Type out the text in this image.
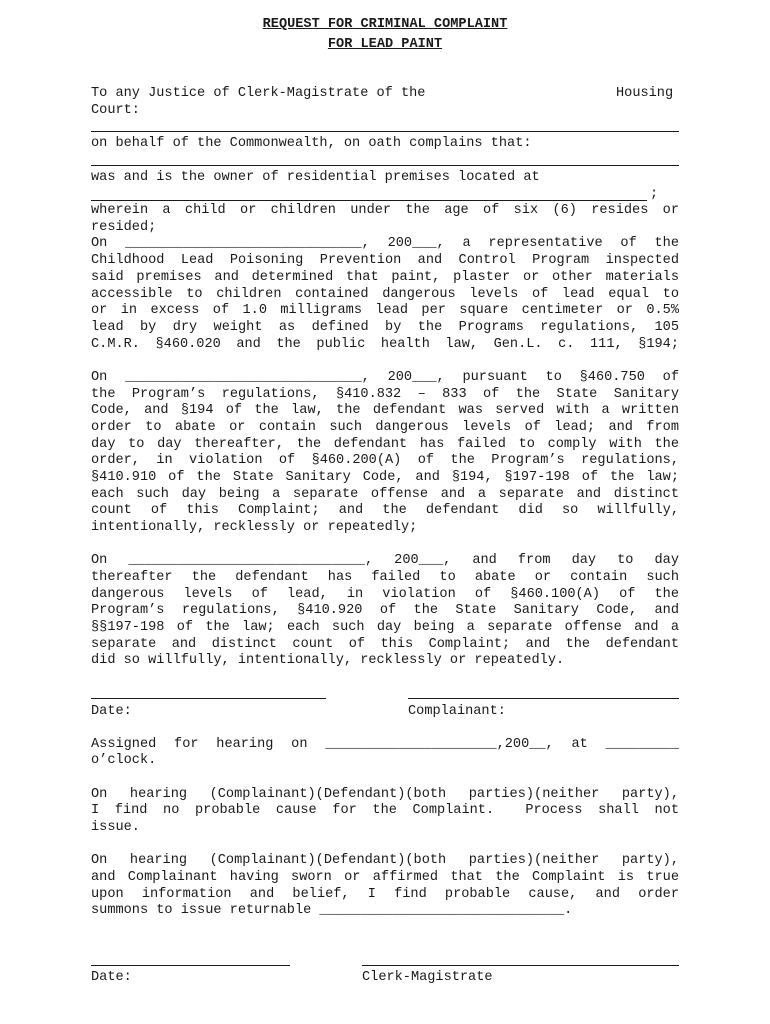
REQUEST FOR CRIMINAL COMPLAINT
FOR LEAD PAINT
To any Justice of Clerk-Magistrate of the	Housing
Court:
on behalf of the Commonwealth, on oath complains that:
was and is the owner of residential premises located at
;
wherein a child or children under the age of six (6) resides or
resided;
On _____________________________, 200___, a representative of the
Childhood Lead Poisoning Prevention and Control Program inspected
said premises and determined that paint, plaster or other materials
accessible to children contained dangerous levels of lead equal to
or in excess of 1.0 milligrams lead per square centimeter or 0.5%
lead by dry weight as defined by the Programs regulations, 105
C.M.R. §460.020 and the public health law, Gen.L. c. 111, §194;
On _____________________________, 200___, pursuant to §460.750 of
the Program’s regulations, §410.832 – 833 of the State Sanitary
Code, and §194 of the law, the defendant was served with a written
order to abate or contain such dangerous levels of lead; and from
day to day thereafter, the defendant has failed to comply with the
order, in violation of §460.200(A) of the Program’s regulations,
§410.910 of the State Sanitary Code, and §194, §197-198 of the law;
each such day being a separate offense and a separate and distinct
count of this Complaint; and the defendant did so willfully,
intentionally, recklessly or repeatedly;
On _____________________________, 200___, and from day to day
thereafter the defendant has failed to abate or contain such
dangerous levels of lead, in violation of §460.100(A) of the
Program’s regulations, §410.920 of the State Sanitary Code, and
§§197-198 of the law; each such day being a separate offense and a
separate and distinct count of this Complaint; and the defendant
did so willfully, intentionally, recklessly or repeatedly.
Date:	Complainant:
Assigned for hearing on _____________________,200__, at _________
o’clock.
On hearing (Complainant)(Defendant)(both parties)(neither party),
I find no probable cause for the Complaint.  Process shall not
issue.
On hearing (Complainant)(Defendant)(both parties)(neither party),
and Complainant having sworn or affirmed that the Complaint is true
upon information and belief, I find probable cause, and order
summons to issue returnable ______________________________.
Date:	Clerk-Magistrate
